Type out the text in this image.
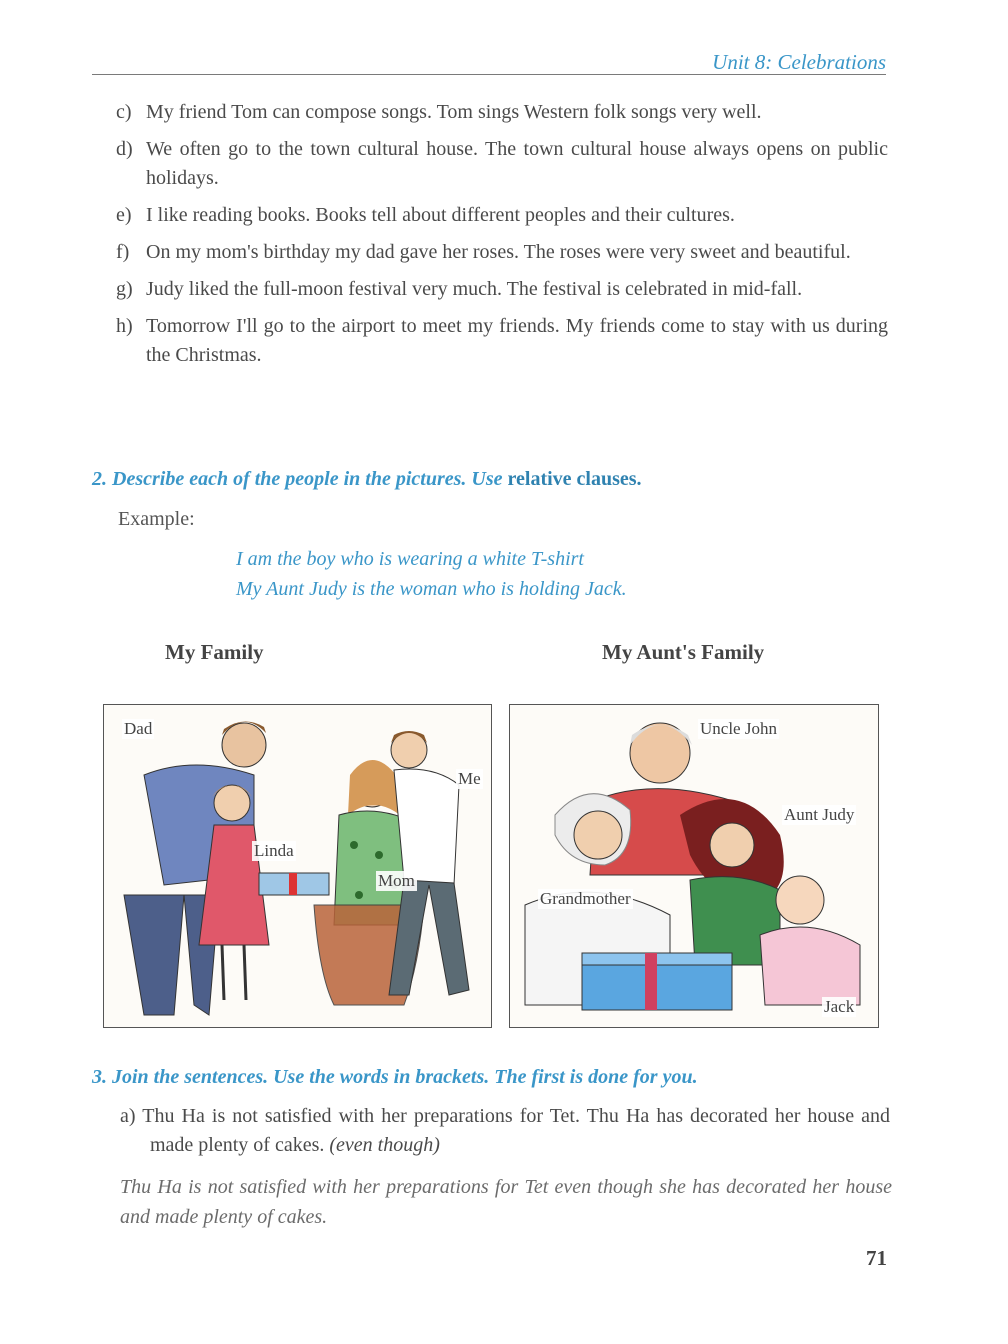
Unit 8: Celebrations
c) My friend Tom can compose songs. Tom sings Western folk songs very well.
d) We often go to the town cultural house. The town cultural house always opens on public holidays.
e) I like reading books. Books tell about different peoples and their cultures.
f) On my mom's birthday my dad gave her roses. The roses were very sweet and beautiful.
g) Judy liked the full-moon festival very much. The festival is celebrated in mid-fall.
h) Tomorrow I'll go to the airport to meet my friends. My friends come to stay with us during the Christmas.
2. Describe each of the people in the pictures. Use relative clauses.
Example:
I am the boy who is wearing a white T-shirt
My Aunt Judy is the woman who is holding Jack.
My Family	My Aunt's Family
Dad
Me
Linda
Mom
Uncle John
Aunt Judy
Grandmother
Jack
3. Join the sentences. Use the words in brackets. The first is done for you.
a) Thu Ha is not satisfied with her preparations for Tet. Thu Ha has decorated her house and made plenty of cakes. (even though)
Thu Ha is not satisfied with her preparations for Tet even though she has decorated her house and made plenty of cakes.
71
